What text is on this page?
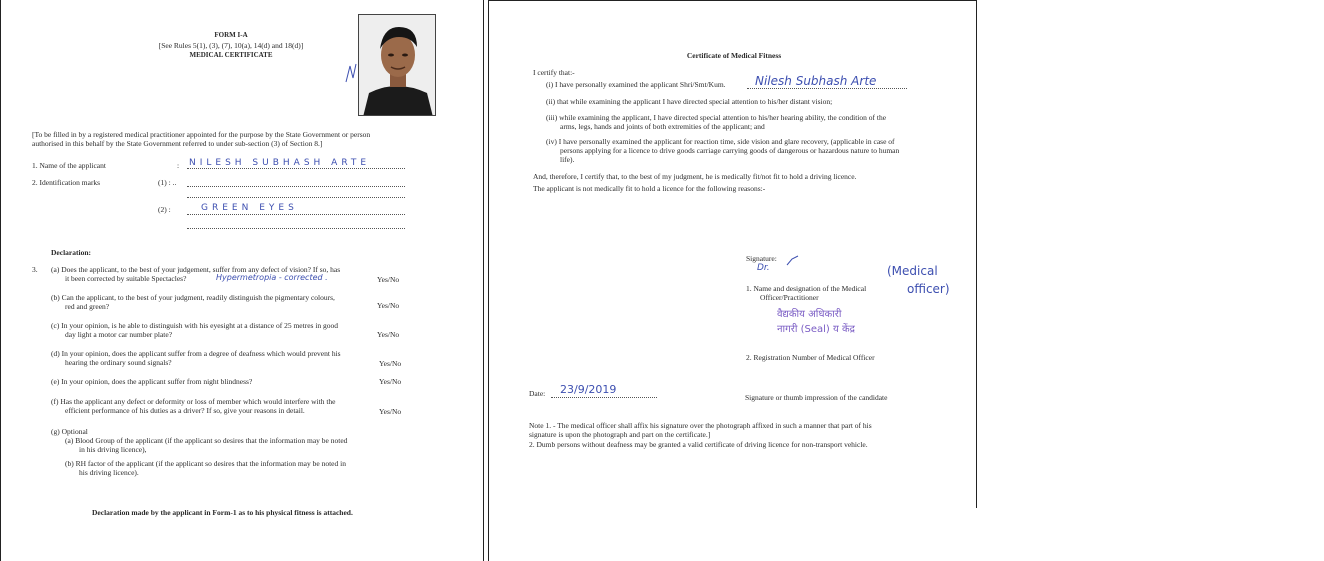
FORM I-A
[See Rules 5(1), (3), (7), 10(a), 14(d) and 18(d)]
MEDICAL CERTIFICATE
[To be filled in by a registered medical practitioner appointed for the purpose by the State Government or person
authorised in this behalf by the State Government referred to under sub-section (3) of Section 8.]
1. Name of the applicant	: NILESH SUBHASH ARTE
2. Identification marks	(1) : ..
(2) :	GREEN EYES
Declaration:
3. (a) Does the applicant, to the best of your judgement, suffer from any defect of vision? If so, has
it been corrected by suitable Spectacles?	Hypermetropia - corrected .	Yes/No
(b) Can the applicant, to the best of your judgment, readily distinguish the pigmentary colours,
red and green?	Yes/No
(c) In your opinion, is he able to distinguish with his eyesight at a distance of 25 metres in good
day light a motor car number plate?	Yes/No
(d) In your opinion, does the applicant suffer from a degree of deafness which would prevent his
hearing the ordinary sound signals?	Yes/No
(e) In your opinion, does the applicant suffer from night blindness?	Yes/No
(f) Has the applicant any defect or deformity or loss of member which would interfere with the
efficient performance of his duties as a driver? If so, give your reasons in detail.	Yes/No
(g) Optional
(a) Blood Group of the applicant (if the applicant so desires that the information may be noted
in his driving licence),
(b) RH factor of the applicant (if the applicant so desires that the information may be noted in
his driving licence).
Declaration made by the applicant in Form-1 as to his physical fitness is attached.
Certificate of Medical Fitness
I certify that:-
(i) I have personally examined the applicant Shri/Smt/Kum. Nilesh Subhash Arte
(ii) that while examining the applicant I have directed special attention to his/her distant vision;
(iii) while examining the applicant, I have directed special attention to his/her hearing ability, the condition of the
arms, legs, hands and joints of both extremities of the applicant; and
(iv) I have personally examined the applicant for reaction time, side vision and glare recovery, (applicable in case of
persons applying for a licence to drive goods carriage carrying goods of dangerous or hazardous nature to human
life).
And, therefore, I certify that, to the best of my judgment, he is medically fit/not fit to hold a driving licence.
The applicant is not medically fit to hold a licence for the following reasons:-
Signature:
Dr.
1. Name and designation of the Medical
Officer/Practitioner
(Medical
officer)
वैद्यकीय अधिकारी
नागरी (Seal) य केंद्र
2. Registration Number of Medical Officer
Date: 23/9/2019
Signature or thumb impression of the candidate
Note 1. - The medical officer shall affix his signature over the photograph affixed in such a manner that part of his
signature is upon the photograph and part on the certificate.]
2. Dumb persons without deafness may be granted a valid certificate of driving licence for non-transport vehicle.
